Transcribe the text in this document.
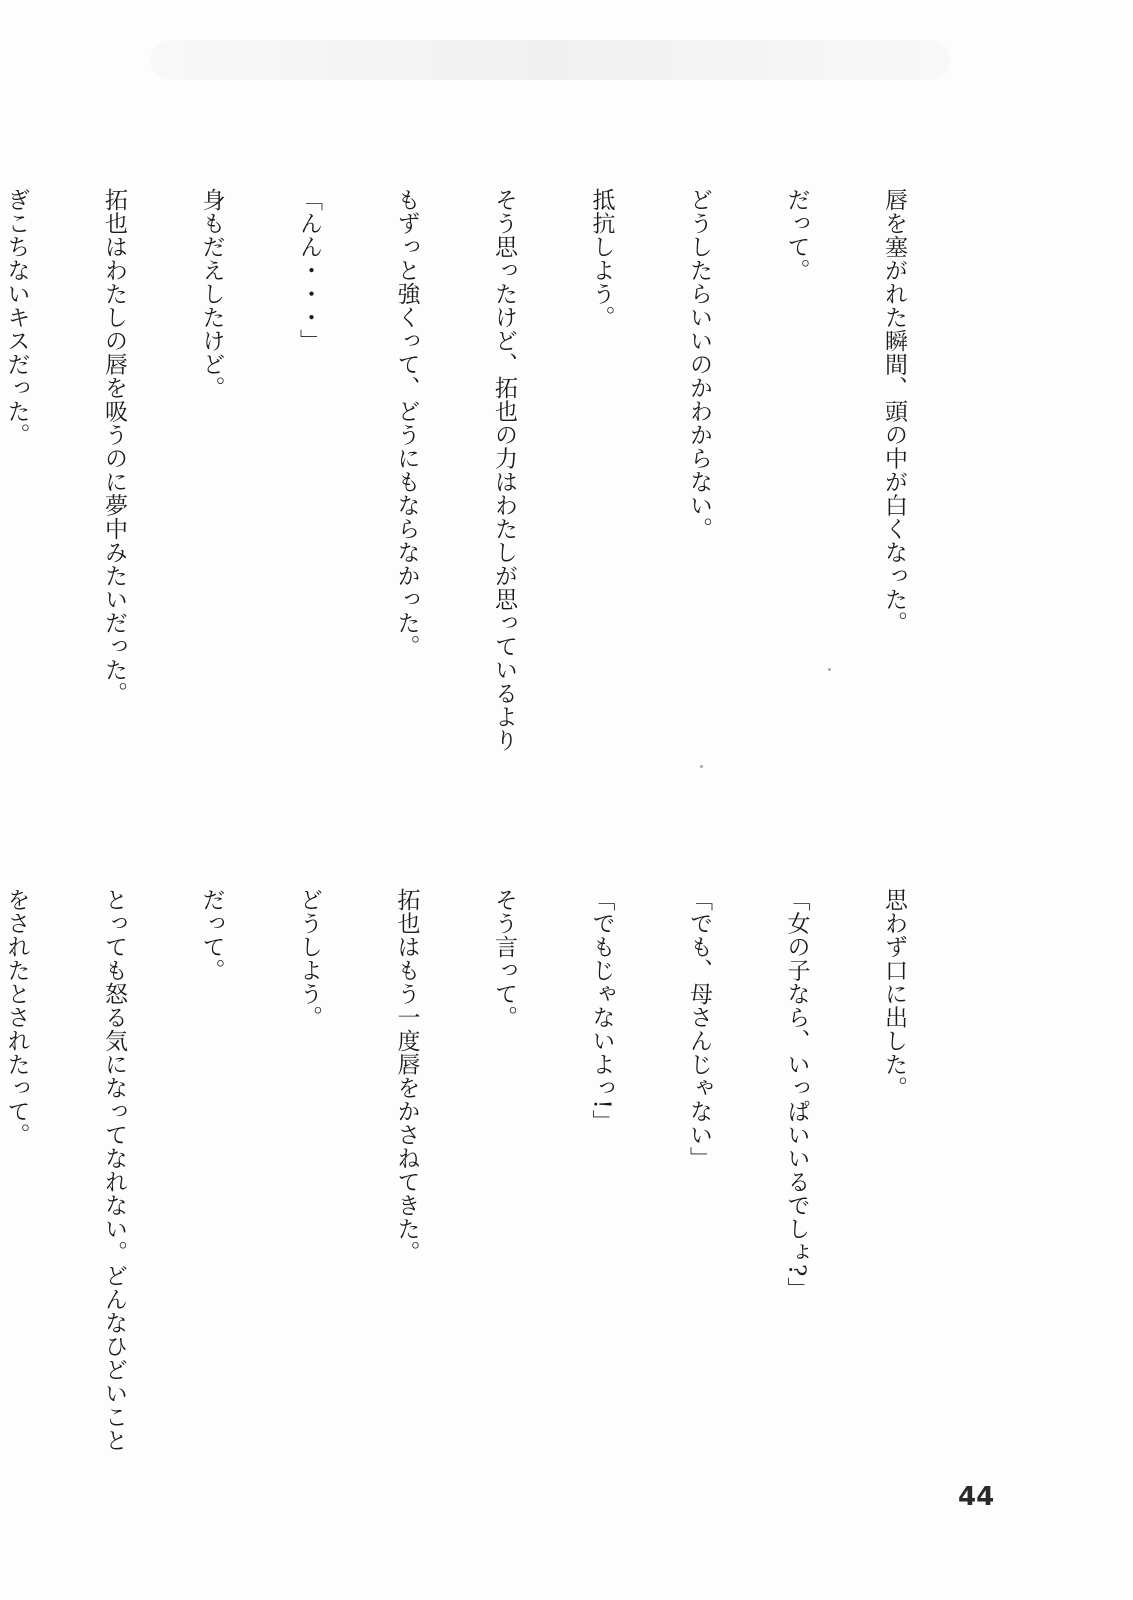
唇を塞がれた瞬間、頭の中が白くなった。

だって。

どうしたらいいのかわからない。

抵抗しよう。

そう思ったけど、拓也の力はわたしが思っているより

もずっと強くって、どうにもならなかった。

「んん・・・」

身もだえしたけど。

拓也はわたしの唇を吸うのに夢中みたいだった。

ぎこちないキスだった。

思わず口に出した。

「女の子なら、いっぱいいるでしょ?」

「でも、母さんじゃない」

「でもじゃないよっ!」

そう言って。

拓也はもう一度唇をかさねてきた。

どうしよう。

だって。

とっても怒る気になってなれない。どんなひどいこと

をされたとされたって。

44
